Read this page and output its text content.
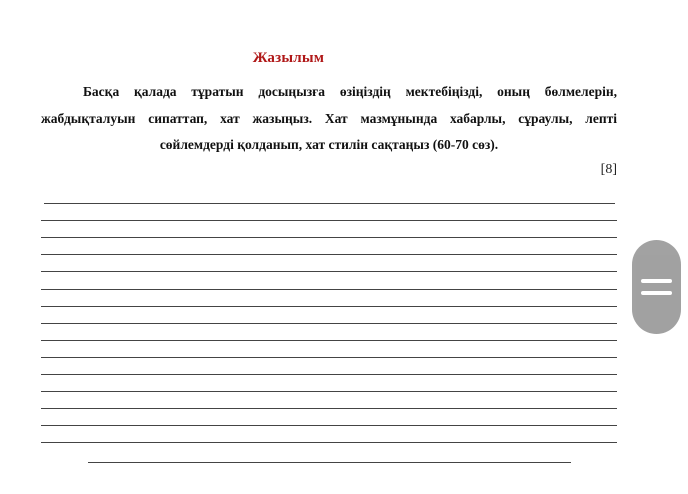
Жазылым
Басқа қалада тұратын досыңызға өзіңіздің мектебіңізді, оның бөлмелерін,
жабдықталуын сипаттап, хат жазыңыз. Хат мазмұнында хабарлы, сұраулы, лепті
сөйлемдерді қолданып, хат стилін сақтаңыз (60-70 сөз).
[8]
